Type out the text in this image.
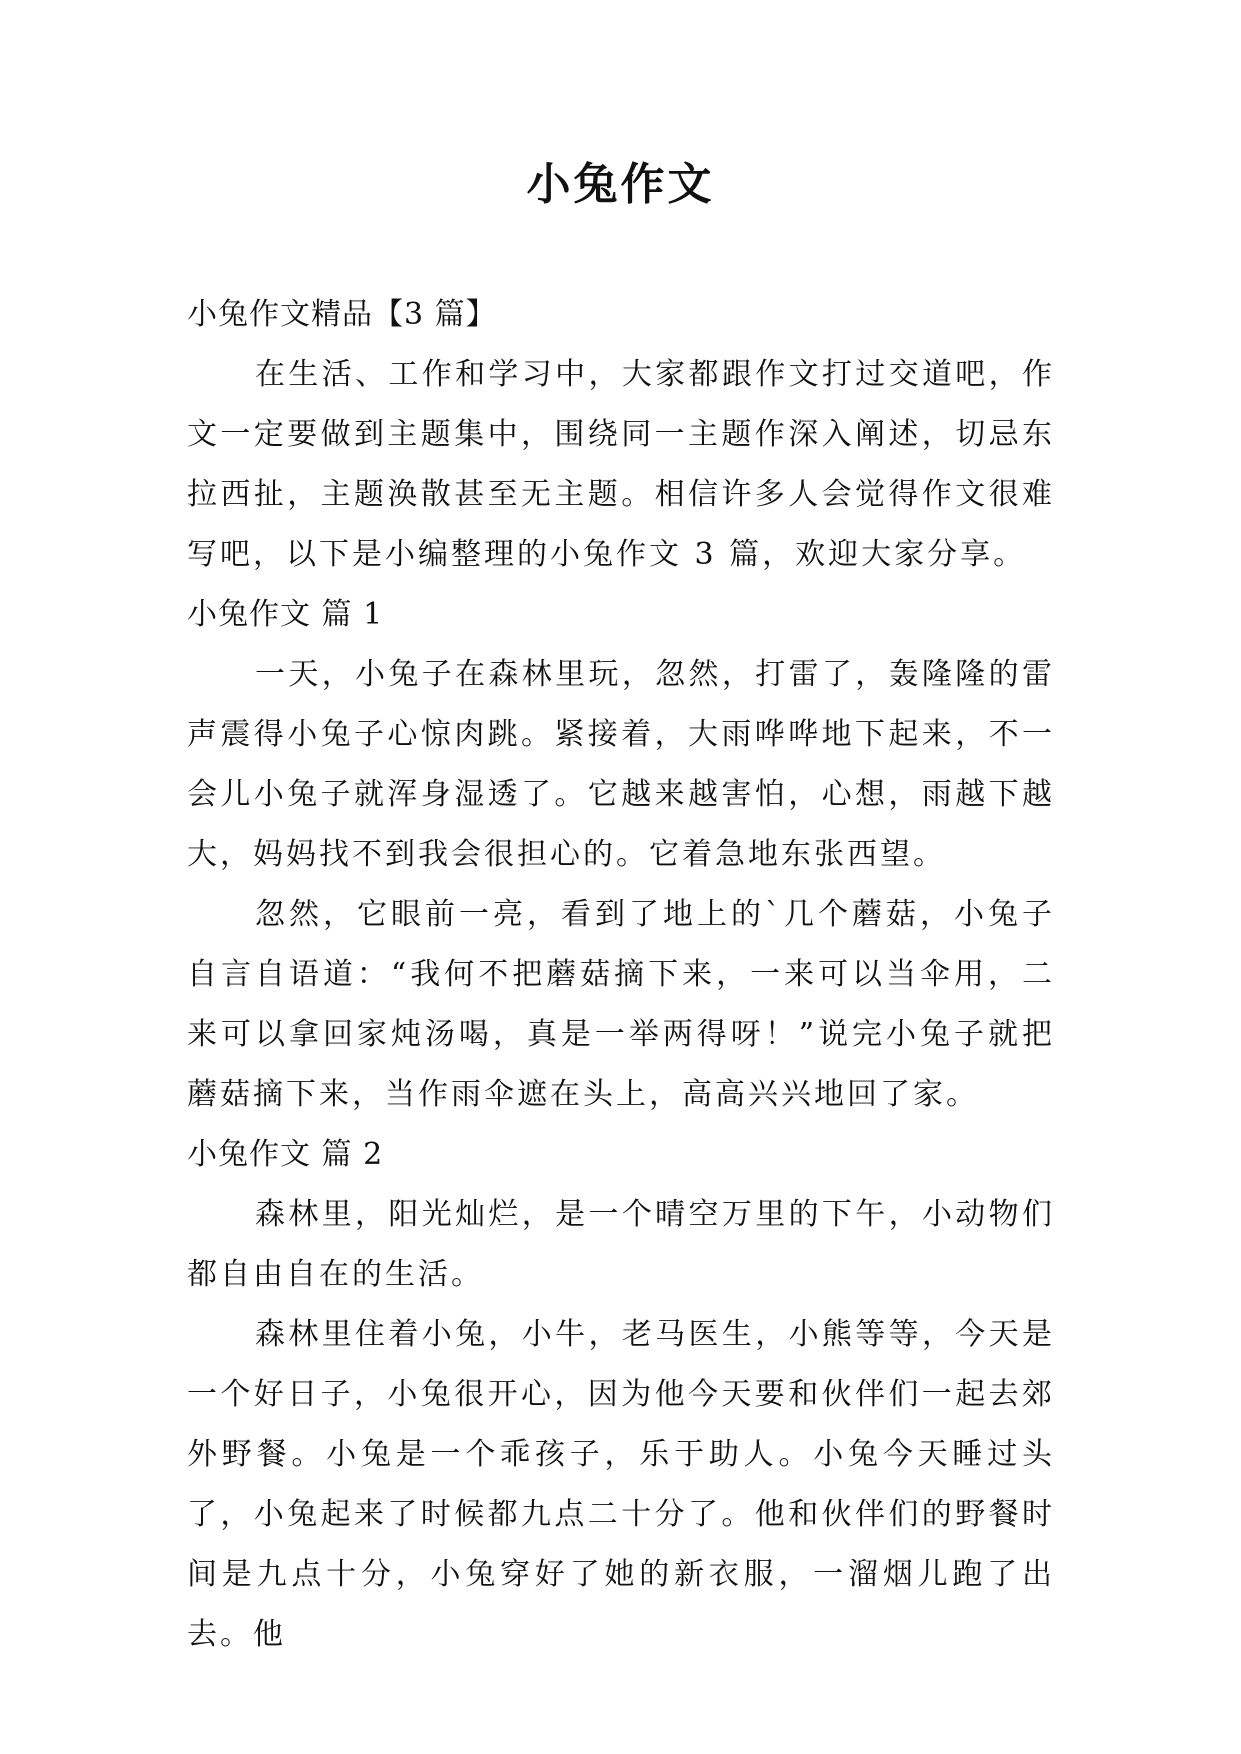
小兔作文

小兔作文精品【3 篇】

在生活、工作和学习中，大家都跟作文打过交道吧，作文一定要做到主题集中，围绕同一主题作深入阐述，切忌东拉西扯，主题涣散甚至无主题。相信许多人会觉得作文很难写吧，以下是小编整理的小兔作文 3 篇，欢迎大家分享。

小兔作文 篇 1

一天，小兔子在森林里玩，忽然，打雷了，轰隆隆的雷声震得小兔子心惊肉跳。紧接着，大雨哗哗地下起来，不一会儿小兔子就浑身湿透了。它越来越害怕，心想，雨越下越大，妈妈找不到我会很担心的。它着急地东张西望。

忽然，它眼前一亮，看到了地上的`几个蘑菇，小兔子自言自语道：“我何不把蘑菇摘下来，一来可以当伞用，二来可以拿回家炖汤喝，真是一举两得呀！”说完小兔子就把蘑菇摘下来，当作雨伞遮在头上，高高兴兴地回了家。

小兔作文 篇 2

森林里，阳光灿烂，是一个晴空万里的下午，小动物们都自由自在的生活。

森林里住着小兔，小牛，老马医生，小熊等等，今天是一个好日子，小兔很开心，因为他今天要和伙伴们一起去郊外野餐。小兔是一个乖孩子，乐于助人。小兔今天睡过头了，小兔起来了时候都九点二十分了。他和伙伴们的野餐时间是九点十分，小兔穿好了她的新衣服，一溜烟儿跑了出去。他
